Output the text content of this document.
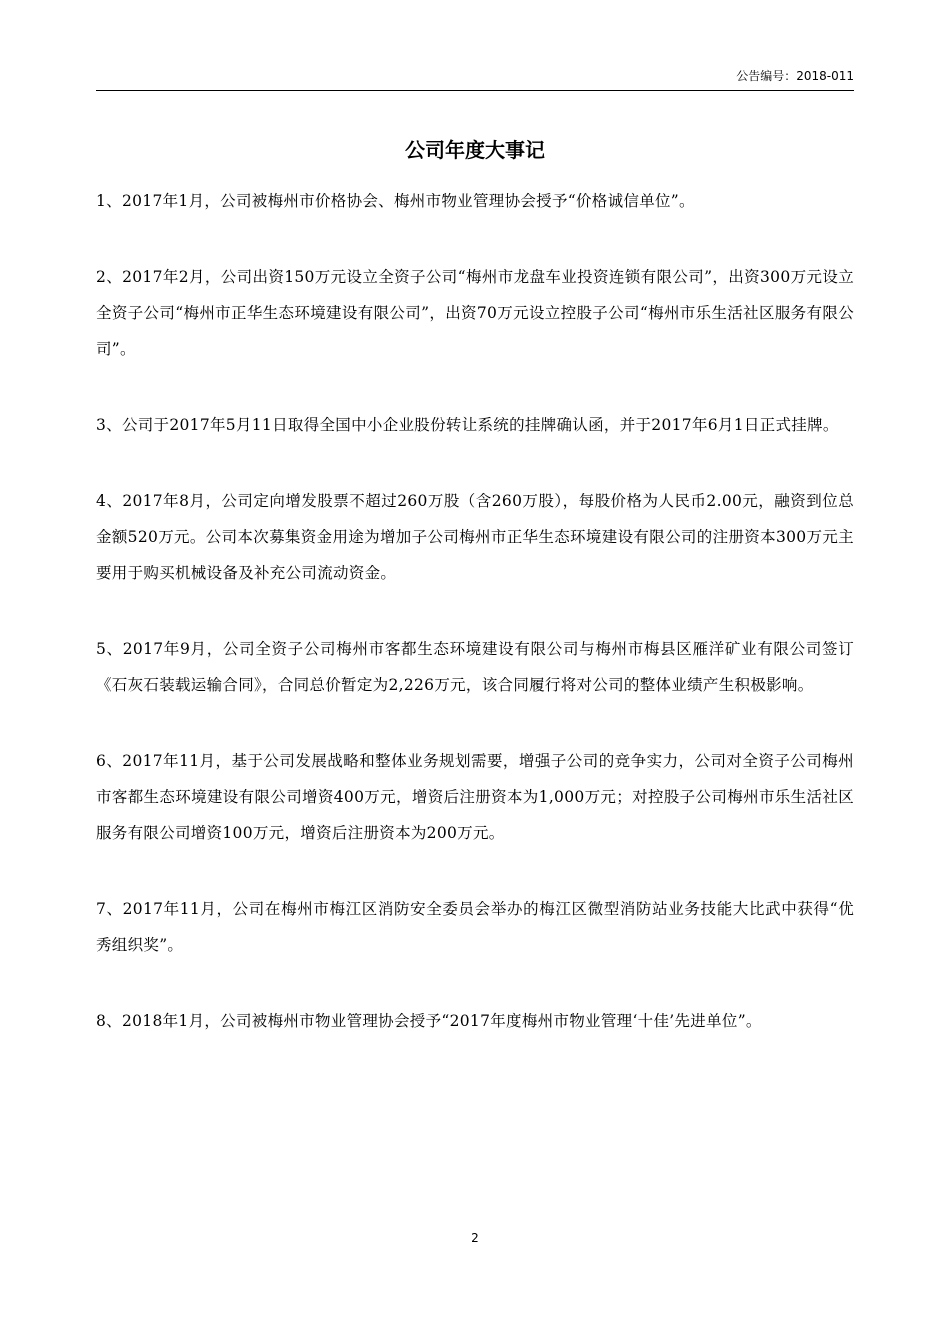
公告编号：2018-011
公司年度大事记
1、2017年1月，公司被梅州市价格协会、梅州市物业管理协会授予“价格诚信单位”。
2、2017年2月，公司出资150万元设立全资子公司“梅州市龙盘车业投资连锁有限公司”，出资300万元设立全资子公司“梅州市正华生态环境建设有限公司”，出资70万元设立控股子公司“梅州市乐生活社区服务有限公司”。
3、公司于2017年5月11日取得全国中小企业股份转让系统的挂牌确认函，并于2017年6月1日正式挂牌。
4、2017年8月，公司定向增发股票不超过260万股（含260万股），每股价格为人民币2.00元，融资到位总金额520万元。公司本次募集资金用途为增加子公司梅州市正华生态环境建设有限公司的注册资本300万元主要用于购买机械设备及补充公司流动资金。
5、2017年9月，公司全资子公司梅州市客都生态环境建设有限公司与梅州市梅县区雁洋矿业有限公司签订《石灰石装载运输合同》，合同总价暂定为2,226万元，该合同履行将对公司的整体业绩产生积极影响。
6、2017年11月，基于公司发展战略和整体业务规划需要，增强子公司的竞争实力，公司对全资子公司梅州市客都生态环境建设有限公司增资400万元，增资后注册资本为1,000万元；对控股子公司梅州市乐生活社区服务有限公司增资100万元，增资后注册资本为200万元。
7、2017年11月，公司在梅州市梅江区消防安全委员会举办的梅江区微型消防站业务技能大比武中获得“优秀组织奖”。
8、2018年1月，公司被梅州市物业管理协会授予“2017年度梅州市物业管理‘十佳’先进单位”。
2
